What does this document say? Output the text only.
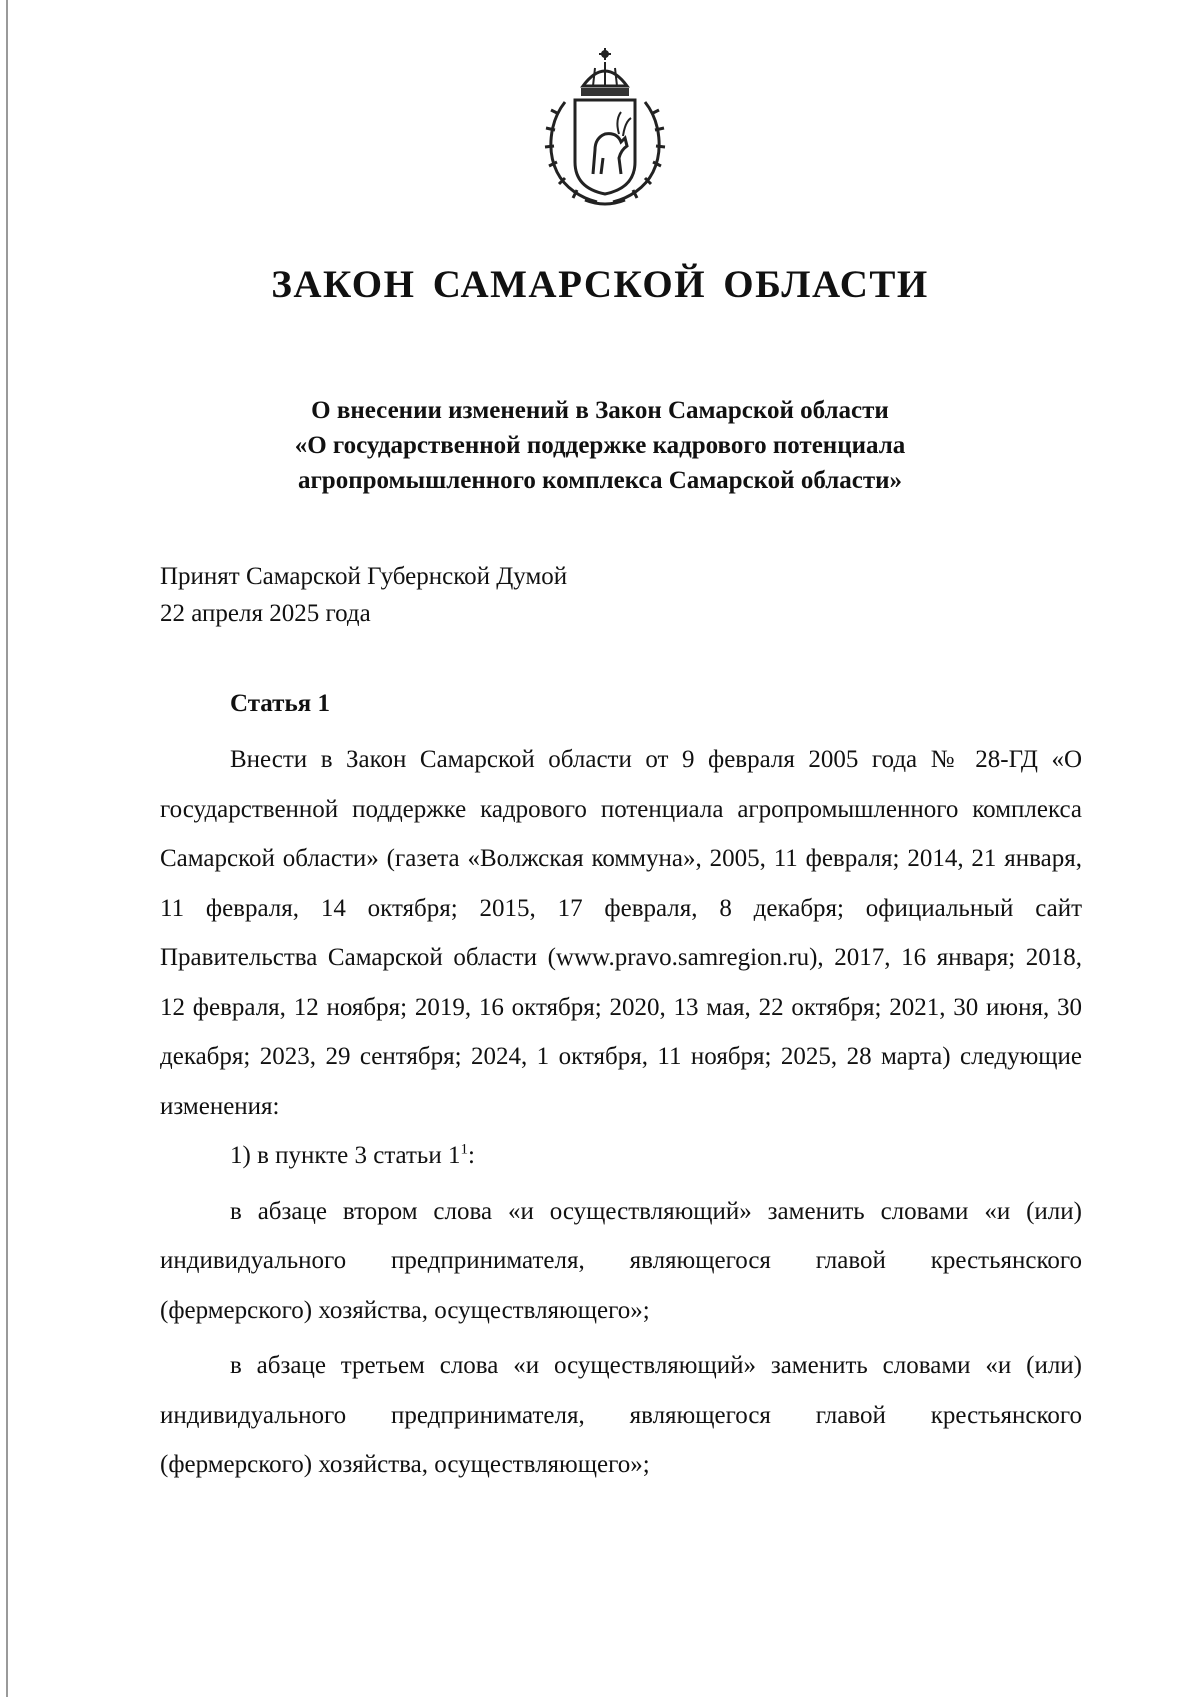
ЗАКОН САМАРСКОЙ ОБЛАСТИ
О внесении изменений в Закон Самарской области
«О государственной поддержке кадрового потенциала
агропромышленного комплекса Самарской области»
Принят Самарской Губернской Думой
22 апреля 2025 года
Статья 1

Внести в Закон Самарской области от 9 февраля 2005 года № 28-ГД «О государственной поддержке кадрового потенциала агропромышленного комплекса Самарской области» (газета «Волжская коммуна», 2005, 11 февраля; 2014, 21 января, 11 февраля, 14 октября; 2015, 17 февраля, 8 декабря; официальный сайт Правительства Самарской области (www.pravo.samregion.ru), 2017, 16 января; 2018, 12 февраля, 12 ноября; 2019, 16 октября; 2020, 13 мая, 22 октября; 2021, 30 июня, 30 декабря; 2023, 29 сентября; 2024, 1 октября, 11 ноября; 2025, 28 марта) следующие изменения:

1) в пункте 3 статьи $1^1$:

в абзаце втором слова «и осуществляющий» заменить словами «и (или) индивидуального предпринимателя, являющегося главой крестьянского (фермерского) хозяйства, осуществляющего»;

в абзаце третьем слова «и осуществляющий» заменить словами «и (или) индивидуального предпринимателя, являющегося главой крестьянского (фермерского) хозяйства, осуществляющего»;
